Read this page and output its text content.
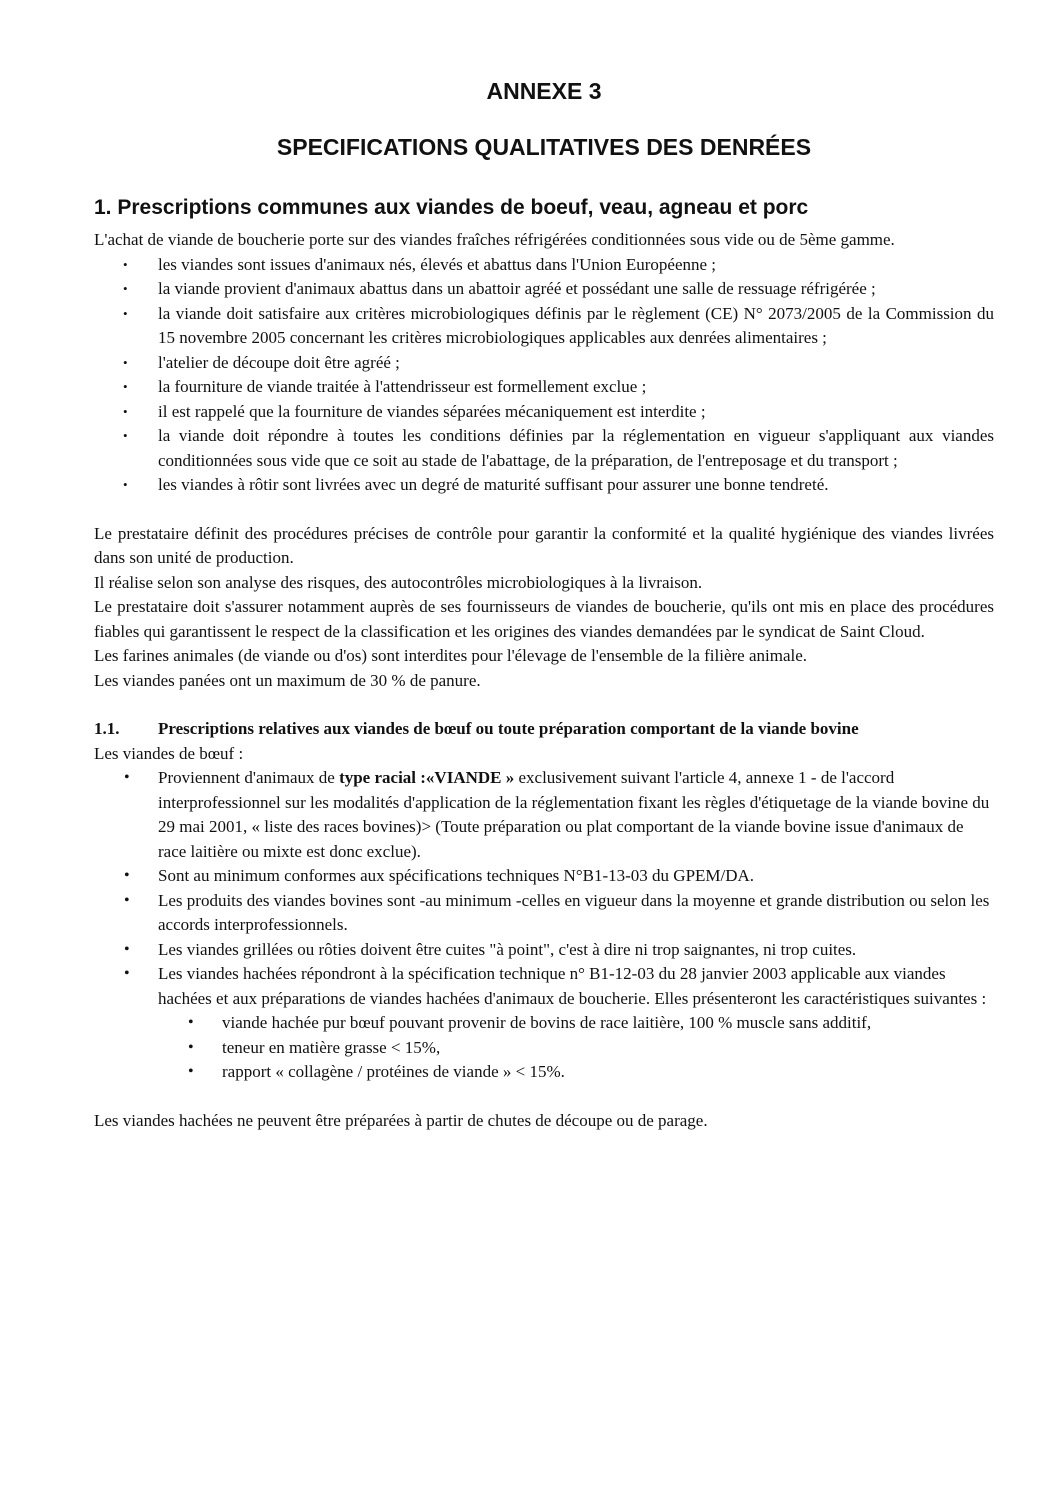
ANNEXE 3
SPECIFICATIONS QUALITATIVES DES DENRÉES
1. Prescriptions communes aux viandes de boeuf, veau, agneau et porc

L'achat de viande de boucherie porte sur des viandes fraîches réfrigérées conditionnées sous vide ou de 5ème gamme.

• les viandes sont issues d'animaux nés, élevés et abattus dans l'Union Européenne ;
• la viande provient d'animaux abattus dans un abattoir agréé et possédant une salle de ressuage réfrigérée ;
• la viande doit satisfaire aux critères microbiologiques définis par le règlement (CE) N° 2073/2005 de la Commission du 15 novembre 2005 concernant les critères microbiologiques applicables aux denrées alimentaires ;
• l'atelier de découpe doit être agréé ;
• la fourniture de viande traitée à l'attendrisseur est formellement exclue ;
• il est rappelé que la fourniture de viandes séparées mécaniquement est interdite ;
• la viande doit répondre à toutes les conditions définies par la réglementation en vigueur s'appliquant aux viandes conditionnées sous vide que ce soit au stade de l'abattage, de la préparation, de l'entreposage et du transport ;
• les viandes à rôtir sont livrées avec un degré de maturité suffisant pour assurer une bonne tendreté.

Le prestataire définit des procédures précises de contrôle pour garantir la conformité et la qualité hygiénique des viandes livrées dans son unité de production.

Il réalise selon son analyse des risques, des autocontrôles microbiologiques à la livraison.

Le prestataire doit s'assurer notamment auprès de ses fournisseurs de viandes de boucherie, qu'ils ont mis en place des procédures fiables qui garantissent le respect de la classification et les origines des viandes demandées par le syndicat de Saint Cloud.

Les farines animales (de viande ou d'os) sont interdites pour l'élevage de l'ensemble de la filière animale.

Les viandes panées ont un maximum de 30 % de panure.

1.1. Prescriptions relatives aux viandes de bœuf ou toute préparation comportant de la viande bovine

Les viandes de bœuf :

• Proviennent d'animaux de type racial :«VIANDE » exclusivement suivant l'article 4, annexe 1 - de l'accord interprofessionnel sur les modalités d'application de la réglementation fixant les règles d'étiquetage de la viande bovine du 29 mai 2001, « liste des races bovines)> (Toute préparation ou plat comportant de la viande bovine issue d'animaux de race laitière ou mixte est donc exclue).
• Sont au minimum conformes aux spécifications techniques N°B1-13-03 du GPEM/DA.
• Les produits des viandes bovines sont -au minimum -celles en vigueur dans la moyenne et grande distribution ou selon les accords interprofessionnels.
• Les viandes grillées ou rôties doivent être cuites "à point", c'est à dire ni trop saignantes, ni trop cuites.
• Les viandes hachées répondront à la spécification technique n° B1-12-03 du 28 janvier 2003 applicable aux viandes hachées et aux préparations de viandes hachées d'animaux de boucherie. Elles présenteront les caractéristiques suivantes :
• viande hachée pur bœuf pouvant provenir de bovins de race laitière, 100 % muscle sans additif,
• teneur en matière grasse < 15%,
• rapport « collagène / protéines de viande » < 15%.

Les viandes hachées ne peuvent être préparées à partir de chutes de découpe ou de parage.
